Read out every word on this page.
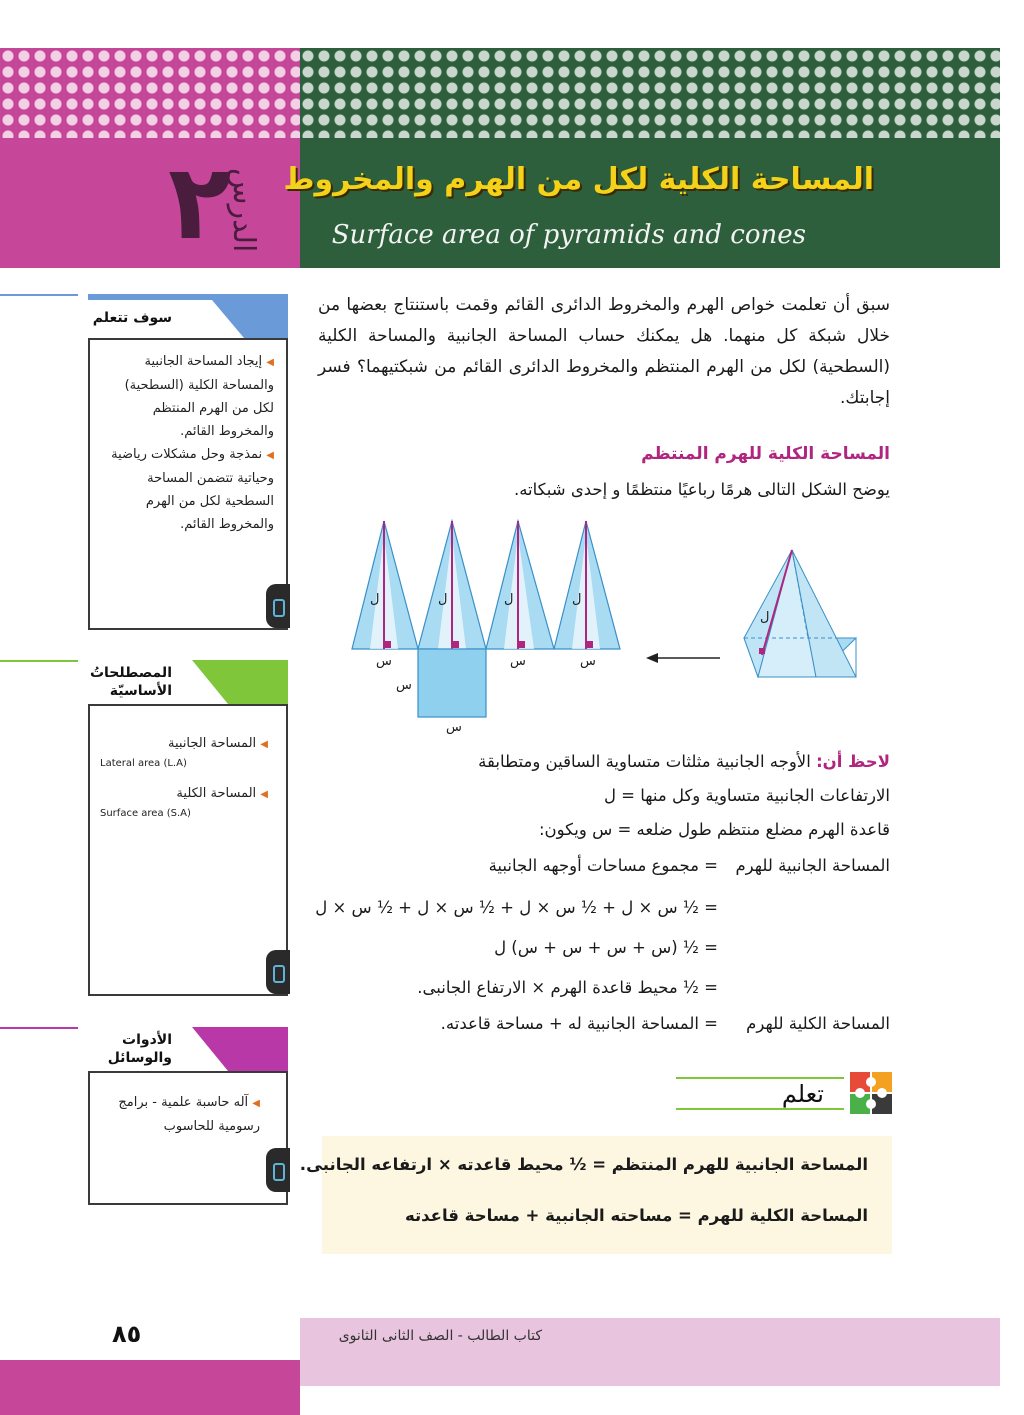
٢
الدرس المساحة الكلية لكل من الهرم والمخروط
Surface area of pyramids and cones
سوف تتعلم
◀ إيجاد المساحة الجانبية والمساحة الكلية (السطحية) لكل من الهرم المنتظم والمخروط القائم.
◀ نمذجة وحل مشكلات رياضية وحياتية تتضمن المساحة السطحية لكل من الهرم والمخروط القائم.
المصطلحاتُ
الأساسيّة
◀ المساحة الجانبية
Lateral area (L.A)
◀ المساحة الكلية
Surface area (S.A)
الأدوات
والوسائل
◀ آله حاسبة علمية - برامج
رسومية للحاسوب
سبق أن تعلمت خواص الهرم والمخروط الدائرى القائم وقمت باستنتاج بعضها من خلال شبكة كل منهما. هل يمكنك حساب المساحة الجانبية والمساحة الكلية (السطحية) لكل من الهرم المنتظم والمخروط الدائرى القائم من شبكتيهما؟ فسر إجابتك.
المساحة الكلية للهرم المنتظم
يوضح الشكل التالى هرمًا رباعيًا منتظمًا و إحدى شبكاته.
ل	ل	ل	ل
س	س	س
س
س
ل
لاحظ أن: الأوجه الجانبية مثلثات متساوية الساقين ومتطابقة
الارتفاعات الجانبية متساوية وكل منها = ل
قاعدة الهرم مضلع منتظم طول ضلعه = س ويكون:
المساحة الجانبية للهرم
= مجموع مساحات أوجهه الجانبية
= ½ س × ل + ½ س × ل + ½ س × ل + ½ س × ل
= ½ (س + س + س + س) ل
= ½ محيط قاعدة الهرم × الارتفاع الجانبى.
المساحة الكلية للهرم
= المساحة الجانبية له + مساحة قاعدته.
تعلم
المساحة الجانبية للهرم المنتظم = ½ محيط قاعدته × ارتفاعه الجانبى.
المساحة الكلية للهرم = مساحته الجانبية + مساحة قاعدته
٨٥	كتاب الطالب - الصف الثانى الثانوى
